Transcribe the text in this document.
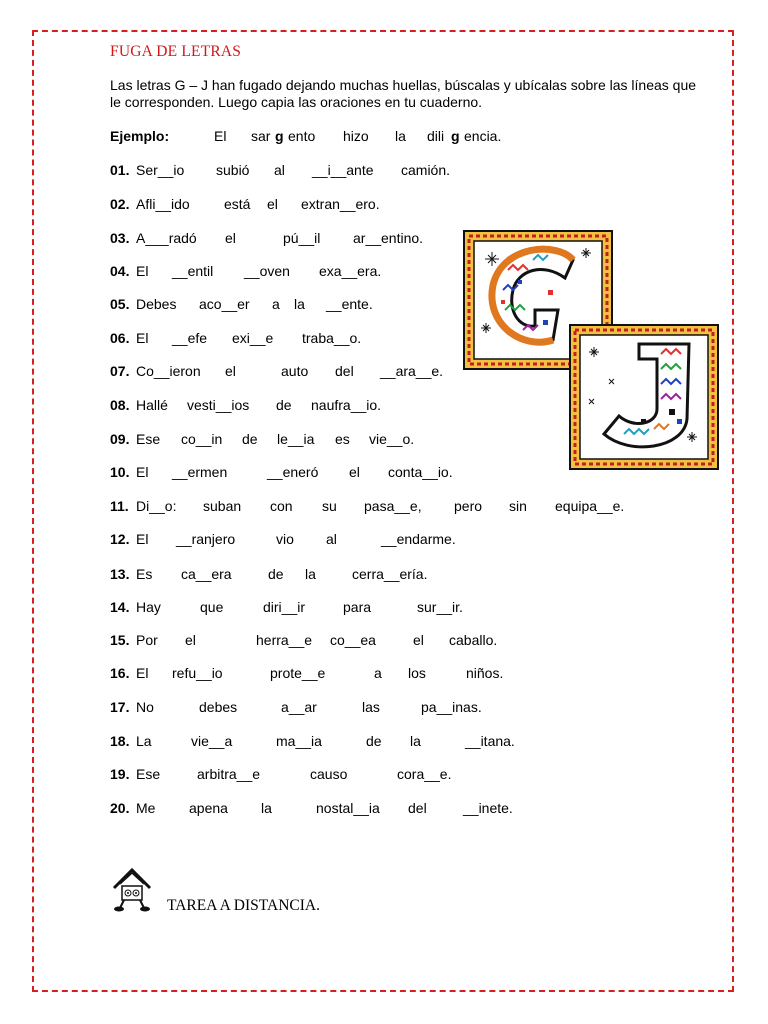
FUGA DE LETRAS
Las letras G – J han fugado dejando muchas huellas, búscalas y ubícalas sobre las líneas que le corresponden. Luego capia las oraciones en tu cuaderno.
Ejemplo:	El sar g ento hizo la dili g encia.
01. Ser__io subió al __i__ante camión.
02. Afli__ido está el extran__ero.
03. A___radó el	pú__il ar__entino.
04. El __entil __oven exa__era.
05. Debes aco__er a la __ente.
06. El __efe exi__e traba__o.
07. Co__ieron el	auto del __ara__e.
08. Hallé vesti__ios de naufra__io.
09. Ese co__in de le__ia es vie__o.
10. El __ermen	__eneró el conta__io.
11. Di__o: suban con su pasa__e, pero sin equipa__e.
12. El __ranjero	vio al	__endarme.
13. Es ca__era	de la	cerra__ería.
14. Hay	que	diri__ir	para	sur__ir.
15. Por el	herra__e co__ea	el caballo.
16. El refu__io	prote__e	a los	niños.
17. No	debes	a__ar	las	pa__inas.
18. La	vie__a	ma__ia	de la	__itana.
19. Ese	arbitra__e	causo	cora__e.
20. Me apena la	nostal__ia del	__inete.
TAREA A DISTANCIA.
